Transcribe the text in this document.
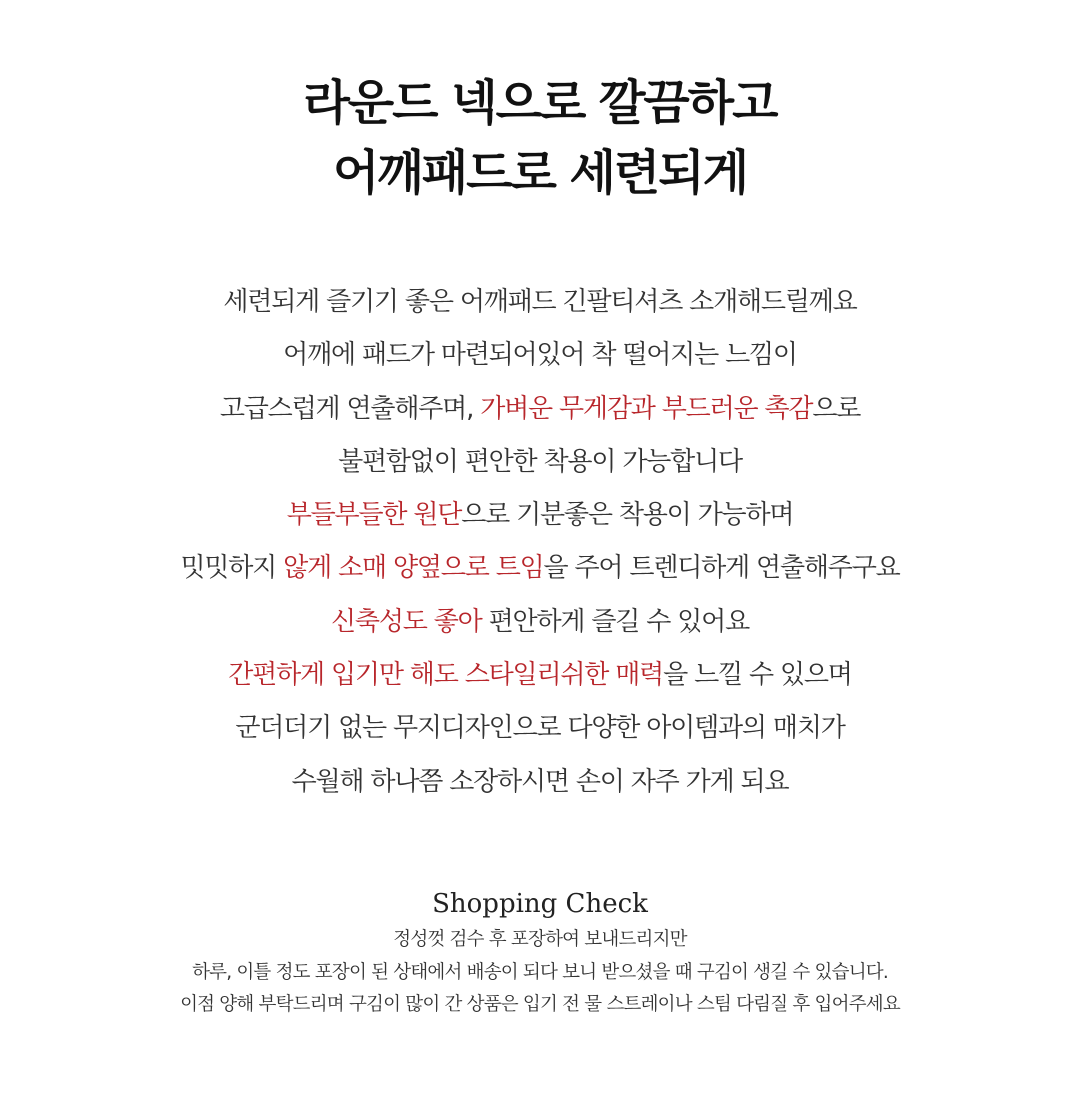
라운드 넥으로 깔끔하고
어깨패드로 세련되게
세련되게 즐기기 좋은 어깨패드 긴팔티셔츠 소개해드릴께요
어깨에 패드가 마련되어있어 착 떨어지는 느낌이
고급스럽게 연출해주며, 가벼운 무게감과 부드러운 촉감으로
불편함없이 편안한 착용이 가능합니다
부들부들한 원단으로 기분좋은 착용이 가능하며
밋밋하지 않게 소매 양옆으로 트임을 주어 트렌디하게 연출해주구요
신축성도 좋아 편안하게 즐길 수 있어요
간편하게 입기만 해도 스타일리쉬한 매력을 느낄 수 있으며
군더더기 없는 무지디자인으로 다양한 아이템과의 매치가
수월해 하나쯤 소장하시면 손이 자주 가게 되요
Shopping Check
정성껏 검수 후 포장하여 보내드리지만
하루, 이틀 정도 포장이 된 상태에서 배송이 되다 보니 받으셨을 때 구김이 생길 수 있습니다.
이점 양해 부탁드리며 구김이 많이 간 상품은 입기 전 물 스트레이나 스팀 다림질 후 입어주세요
